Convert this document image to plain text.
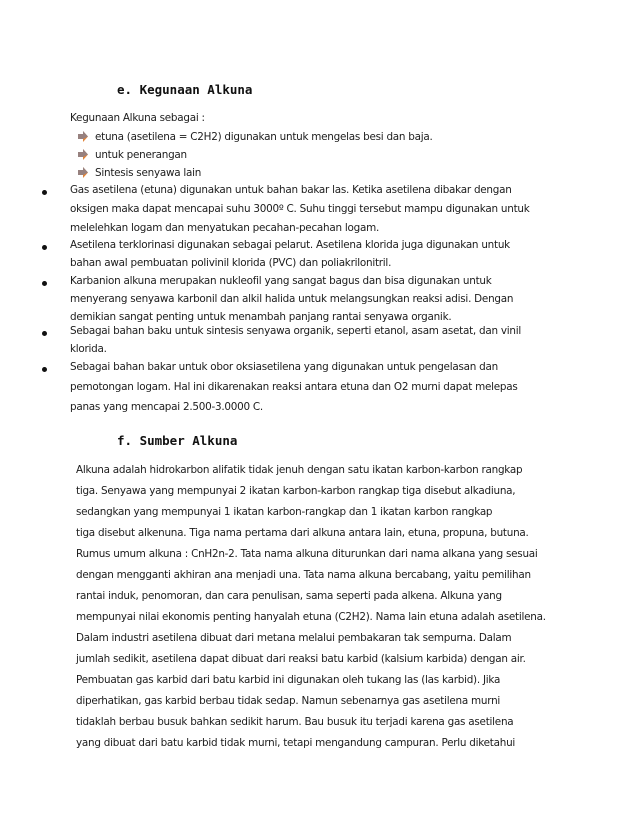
e. Kegunaan Alkuna
Kegunaan Alkuna sebagai :
etuna (asetilena = C2H2) digunakan untuk mengelas besi dan baja.
untuk penerangan
Sintesis senyawa lain
Gas asetilena (etuna) digunakan untuk bahan bakar las. Ketika asetilena dibakar dengan
oksigen maka dapat mencapai suhu 3000º C. Suhu tinggi tersebut mampu digunakan untuk
melelehkan logam dan menyatukan pecahan-pecahan logam.
Asetilena terklorinasi digunakan sebagai pelarut. Asetilena klorida juga digunakan untuk
bahan awal pembuatan polivinil klorida (PVC) dan poliakrilonitril.
Karbanion alkuna merupakan nukleofil yang sangat bagus dan bisa digunakan untuk
menyerang senyawa karbonil dan alkil halida untuk melangsungkan reaksi adisi. Dengan
demikian sangat penting untuk menambah panjang rantai senyawa organik.
Sebagai bahan baku untuk sintesis senyawa organik, seperti etanol, asam asetat, dan vinil
klorida.
Sebagai bahan bakar untuk obor oksiasetilena yang digunakan untuk pengelasan dan
pemotongan logam. Hal ini dikarenakan reaksi antara etuna dan O2 murni dapat melepas
panas yang mencapai 2.500-3.0000 C.
f. Sumber Alkuna
Alkuna adalah hidrokarbon alifatik tidak jenuh dengan satu ikatan karbon-karbon rangkap
tiga. Senyawa yang mempunyai 2 ikatan karbon-karbon rangkap tiga disebut alkadiuna,
sedangkan yang mempunyai 1 ikatan karbon-rangkap dan 1 ikatan karbon rangkap
tiga disebut alkenuna. Tiga nama pertama dari alkuna antara lain, etuna, propuna, butuna.
Rumus umum alkuna : CnH2n-2. Tata nama alkuna diturunkan dari nama alkana yang sesuai
dengan mengganti akhiran ana menjadi una. Tata nama alkuna bercabang, yaitu pemilihan
rantai induk, penomoran, dan cara penulisan, sama seperti pada alkena. Alkuna yang
mempunyai nilai ekonomis penting hanyalah etuna (C2H2). Nama lain etuna adalah asetilena.
Dalam industri asetilena dibuat dari metana melalui pembakaran tak sempurna. Dalam
jumlah sedikit, asetilena dapat dibuat dari reaksi batu karbid (kalsium karbida) dengan air.
Pembuatan gas karbid dari batu karbid ini digunakan oleh tukang las (las karbid). Jika
diperhatikan, gas karbid berbau tidak sedap. Namun sebenarnya gas asetilena murni
tidaklah berbau busuk bahkan sedikit harum. Bau busuk itu terjadi karena gas asetilena
yang dibuat dari batu karbid tidak murni, tetapi mengandung campuran. Perlu diketahui
